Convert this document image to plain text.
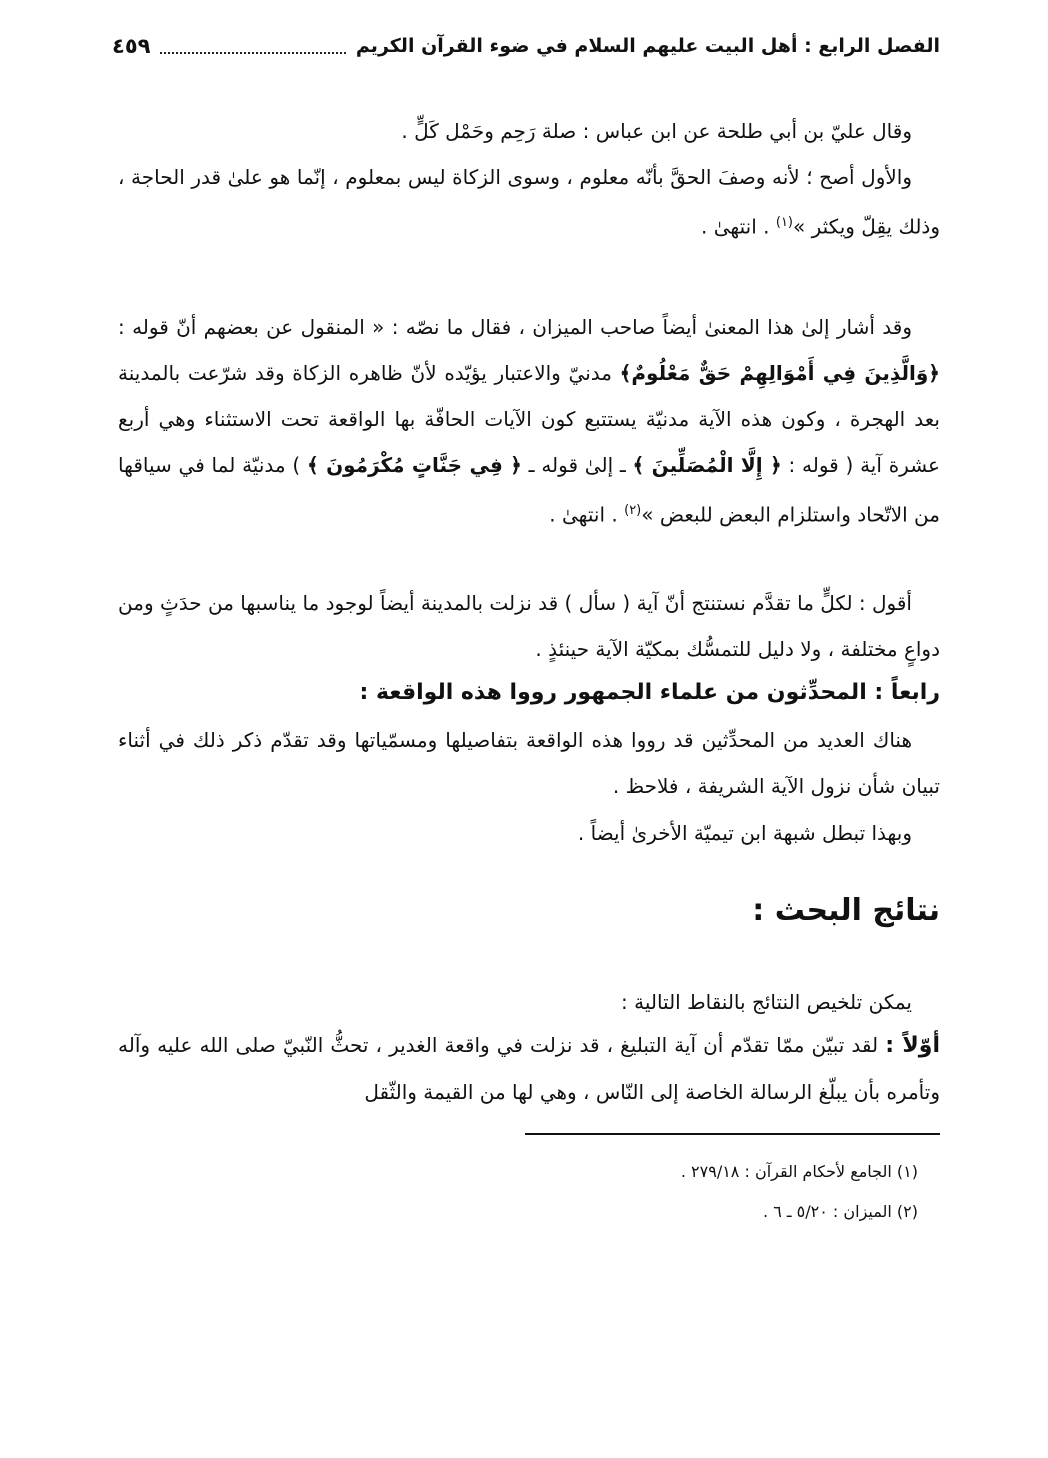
الفصل الرابع : أهل البيت عليهم السلام في ضوء القرآن الكريم
٤٥٩

وقال عليّ بن أبي طلحة عن ابن عباس : صلة رَحِم وحَمْل كَلٍّ .

والأول أصح ؛ لأنه وصفَ الحقَّ بأنّه معلوم ، وسوى الزكاة ليس بمعلوم ، إنّما هو علىٰ قدر الحاجة ، وذلك يقِلّ ويكثر »$^{(١)}$ . انتهىٰ .

وقد أشار إلىٰ هذا المعنىٰ أيضاً صاحب الميزان ، فقال ما نصّه : « المنقول عن بعضهم أنّ قوله : ﴿وَالَّذِينَ فِي أَمْوَالِهِمْ حَقٌّ مَعْلُومٌ﴾ مدنيّ والاعتبار يؤيّده لأنّ ظاهره الزكاة وقد شرّعت بالمدينة بعد الهجرة ، وكون هذه الآية مدنيّة يستتبع كون الآيات الحافّة بها الواقعة تحت الاستثناء وهي أربع عشرة آية ( قوله : ﴿ إِلَّا الْمُصَلِّينَ ﴾ ـ إلىٰ قوله ـ ﴿ فِي جَنَّاتٍ مُكْرَمُونَ ﴾ ) مدنيّة لما في سياقها من الاتّحاد واستلزام البعض للبعض »$^{(٢)}$ . انتهىٰ .

أقول : لكلٍّ ما تقدَّم نستنتج أنّ آية ( سأل ) قد نزلت بالمدينة أيضاً لوجود ما يناسبها من حدَثٍ ومن دواعٍ مختلفة ، ولا دليل للتمسُّك بمكيّة الآية حينئذٍ .

رابعاً : المحدِّثون من علماء الجمهور رووا هذه الواقعة :

هناك العديد من المحدِّثين قد رووا هذه الواقعة بتفاصيلها ومسمّياتها وقد تقدّم ذكر ذلك في أثناء تبيان شأن نزول الآية الشريفة ، فلاحظ .

وبهذا تبطل شبهة ابن تيميّة الأخرىٰ أيضاً .

نتائج البحث :

يمكن تلخيص النتائج بالنقاط التالية :

أوّلاً : لقد تبيّن ممّا تقدّم أن آية التبليغ ، قد نزلت في واقعة الغدير ، تحثُّ النّبيّ صلى الله عليه وآله وتأمره بأن يبلّغ الرسالة الخاصة إلى النّاس ، وهي لها من القيمة والثّقل

(١) الجامع لأحكام القرآن : ٢٧٩/١٨ .
(٢) الميزان : ٥/٢٠ ـ ٦ .
